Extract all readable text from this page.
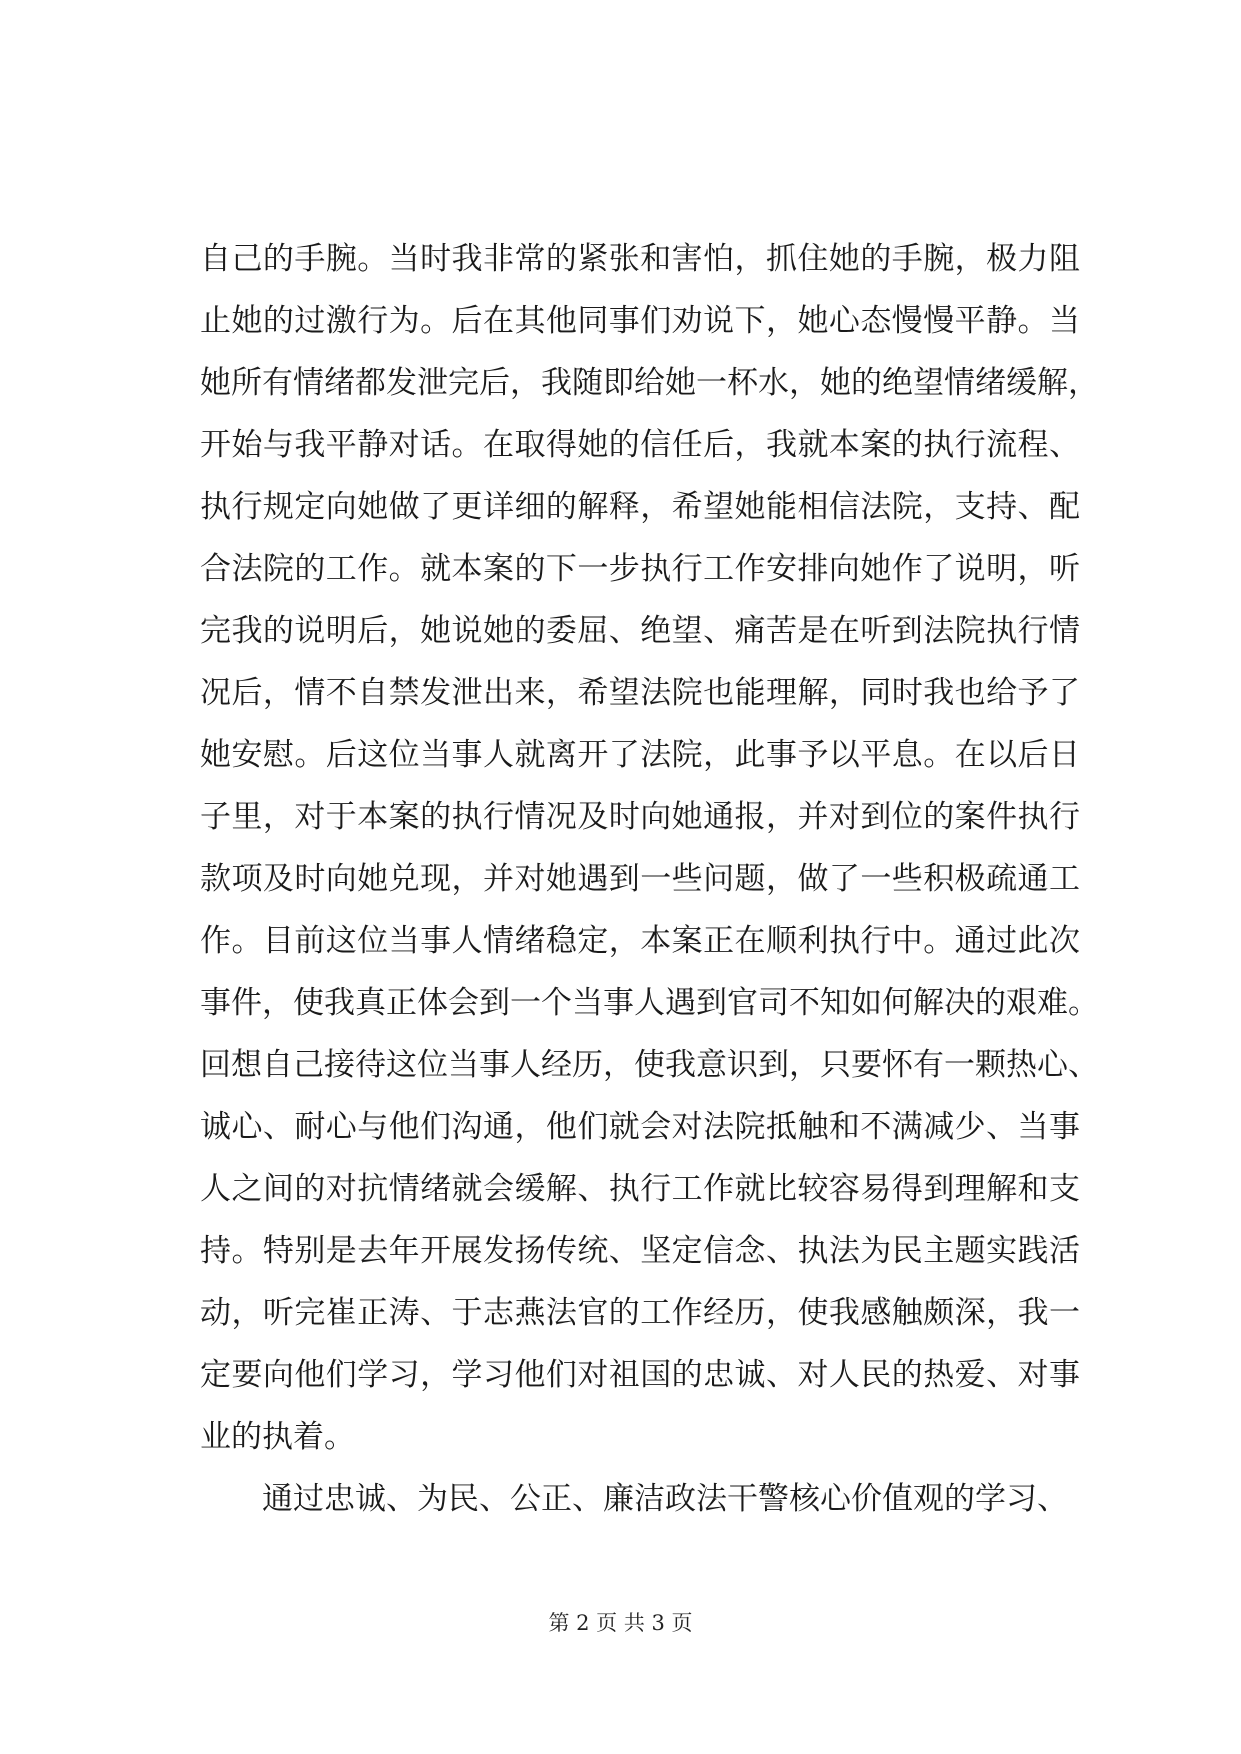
自己的手腕。当时我非常的紧张和害怕，抓住她的手腕，极力阻
止她的过激行为。后在其他同事们劝说下，她心态慢慢平静。当
她所有情绪都发泄完后，我随即给她一杯水，她的绝望情绪缓解，
开始与我平静对话。在取得她的信任后，我就本案的执行流程、
执行规定向她做了更详细的解释，希望她能相信法院，支持、配
合法院的工作。就本案的下一步执行工作安排向她作了说明，听
完我的说明后，她说她的委屈、绝望、痛苦是在听到法院执行情
况后，情不自禁发泄出来，希望法院也能理解，同时我也给予了
她安慰。后这位当事人就离开了法院，此事予以平息。在以后日
子里，对于本案的执行情况及时向她通报，并对到位的案件执行
款项及时向她兑现，并对她遇到一些问题，做了一些积极疏通工
作。目前这位当事人情绪稳定，本案正在顺利执行中。通过此次
事件，使我真正体会到一个当事人遇到官司不知如何解决的艰难。
回想自己接待这位当事人经历，使我意识到，只要怀有一颗热心、
诚心、耐心与他们沟通，他们就会对法院抵触和不满减少、当事
人之间的对抗情绪就会缓解、执行工作就比较容易得到理解和支
持。特别是去年开展发扬传统、坚定信念、执法为民主题实践活
动，听完崔正涛、于志燕法官的工作经历，使我感触颇深，我一
定要向他们学习，学习他们对祖国的忠诚、对人民的热爱、对事
业的执着。
通过忠诚、为民、公正、廉洁政法干警核心价值观的学习、
第 2 页 共 3 页
